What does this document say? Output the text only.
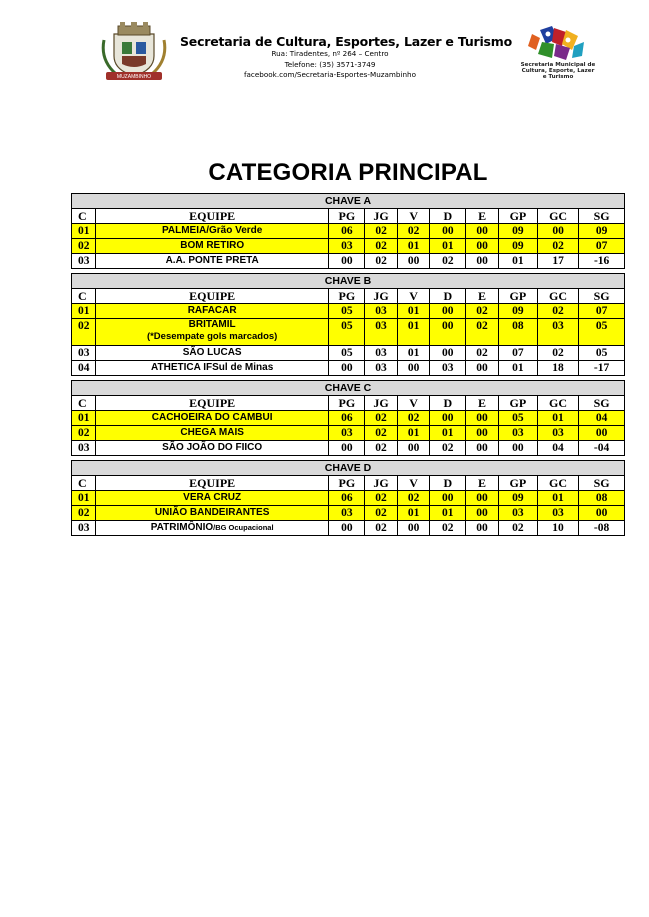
MUZAMBINHO
Secretaria de Cultura, Esportes, Lazer e Turismo
Rua: Tiradentes, nº 264 – Centro
Telefone: (35) 3571-3749
facebook.com/Secretaria-Esportes-Muzambinho
Secretaria Municipal de Cultura, Esporte, Lazer e Turismo
CATEGORIA PRINCIPAL
CHAVE A									
C	EQUIPE	PG	JG	V	D	E	GP	GC	SG
01	PALMEIA/Grão Verde	06	02	02	00	00	09	00	09
02	BOM RETIRO	03	02	01	01	00	09	02	07
03	A.A. PONTE PRETA	00	02	00	02	00	01	17	-16
CHAVE B									
C	EQUIPE	PG	JG	V	D	E	GP	GC	SG
01	RAFACAR	05	03	01	00	02	09	02	07
02	BRITAMIL
(*Desempate gols marcados)	05	03	01	00	02	08	03	05
03	SÃO LUCAS	05	03	01	00	02	07	02	05
04	ATHETICA IFSul de Minas	00	03	00	03	00	01	18	-17
CHAVE C									
C	EQUIPE	PG	JG	V	D	E	GP	GC	SG
01	CACHOEIRA DO CAMBUI	06	02	02	00	00	05	01	04
02	CHEGA MAIS	03	02	01	01	00	03	03	00
03	SÃO JOÃO DO FIICO	00	02	00	02	00	00	04	-04
CHAVE D									
C	EQUIPE	PG	JG	V	D	E	GP	GC	SG
01	VERA CRUZ	06	02	02	00	00	09	01	08
02	UNIÃO BANDEIRANTES	03	02	01	01	00	03	03	00
03	PATRIMÔNIO/BG Ocupacional	00	02	00	02	00	02	10	-08
